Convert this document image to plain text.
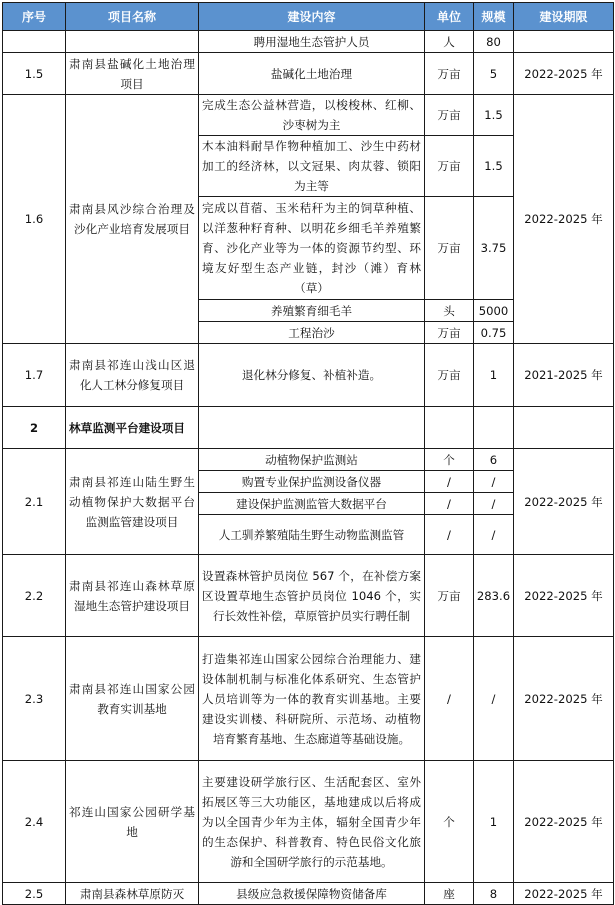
序号	项目名称	建设内容	单位	规模	建设期限
		聘用湿地生态管护人员	人	80	
1.5	肃南县盐碱化土地治理项目	盐碱化土地治理	万亩	5	2022-2025 年
1.6	肃南县风沙综合治理及沙化产业培育发展项目	完成生态公益林营造，以梭梭林、红柳、沙枣树为主	万亩	1.5	2022-2025 年
		木本油料耐旱作物种植加工、沙生中药材加工的经济林，以文冠果、肉苁蓉、锁阳为主等	万亩	1.5	
		完成以苜蓿、玉米秸秆为主的饲草种植、以洋葱种籽育种、以明花乡细毛羊养殖繁育、沙化产业等为一体的资源节约型、环境友好型生态产业链，封沙（滩）育林（草）	万亩	3.75	
		养殖繁育细毛羊	头	5000	
		工程治沙	万亩	0.75	
1.7	肃南县祁连山浅山区退化人工林分修复项目	退化林分修复、补植补造。	万亩	1	2021-2025 年
2	林草监测平台建设项目				
2.1	肃南县祁连山陆生野生动植物保护大数据平台监测监管建设项目	动植物保护监测站	个	6	2022-2025 年
		购置专业保护监测设备仪器	/	/	
		建设保护监测监管大数据平台	/	/	
		人工驯养繁殖陆生野生动物监测监管	/	/	
2.2	肃南县祁连山森林草原湿地生态管护建设项目	设置森林管护员岗位 567 个，在补偿方案区设置草地生态管护员岗位 1046 个，实行长效性补偿，草原管护员实行聘任制	万亩	283.6	2022-2025 年
2.3	肃南县祁连山国家公园教育实训基地	打造集祁连山国家公园综合治理能力、建设体制机制与标准化体系研究、生态管护人员培训等为一体的教育实训基地。主要建设实训楼、科研院所、示范场、动植物培育繁育基地、生态廊道等基础设施。	/	/	2022-2025 年
2.4	祁连山国家公园研学基地	主要建设研学旅行区、生活配套区、室外拓展区等三大功能区，基地建成以后将成为以全国青少年为主体，辐射全国青少年的生态保护、科普教育、特色民俗文化旅游和全国研学旅行的示范基地。	个	1	2022-2025 年
2.5	肃南县森林草原防灭	县级应急救援保障物资储备库	座	8	2022-2025 年
